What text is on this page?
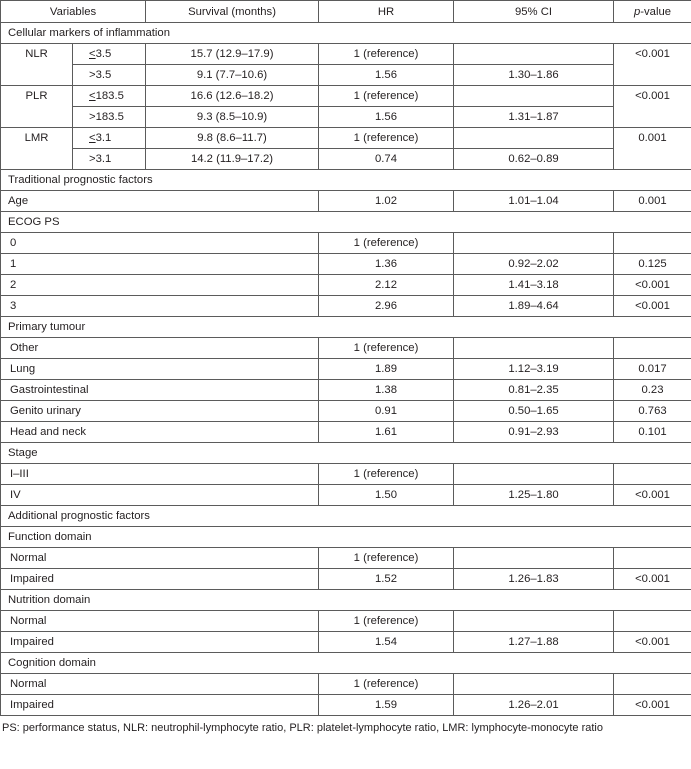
Variables		Survival (months)	HR	95% CI	p-value
Cellular markers of inflammation					
NLR	≤3.5	15.7 (12.9–17.9)	1 (reference)		<0.001
	>3.5	9.1 (7.7–10.6)	1.56	1.30–1.86	
PLR	≤183.5	16.6 (12.6–18.2)	1 (reference)		<0.001
	>183.5	9.3 (8.5–10.9)	1.56	1.31–1.87	
LMR	≤3.1	9.8 (8.6–11.7)	1 (reference)		0.001
	>3.1	14.2 (11.9–17.2)	0.74	0.62–0.89	
Traditional prognostic factors					
Age			1.02	1.01–1.04	0.001
ECOG PS					
0			1 (reference)		
1			1.36	0.92–2.02	0.125
2			2.12	1.41–3.18	<0.001
3			2.96	1.89–4.64	<0.001
Primary tumour					
Other			1 (reference)		
Lung			1.89	1.12–3.19	0.017
Gastrointestinal			1.38	0.81–2.35	0.23
Genito urinary			0.91	0.50–1.65	0.763
Head and neck			1.61	0.91–2.93	0.101
Stage					
I–III			1 (reference)		
IV			1.50	1.25–1.80	<0.001
Additional prognostic factors					
Function domain					
Normal			1 (reference)		
Impaired			1.52	1.26–1.83	<0.001
Nutrition domain					
Normal			1 (reference)		
Impaired			1.54	1.27–1.88	<0.001
Cognition domain					
Normal			1 (reference)		
Impaired			1.59	1.26–2.01	<0.001
PS: performance status, NLR: neutrophil-lymphocyte ratio, PLR: platelet-lymphocyte ratio, LMR: lymphocyte-monocyte ratio
